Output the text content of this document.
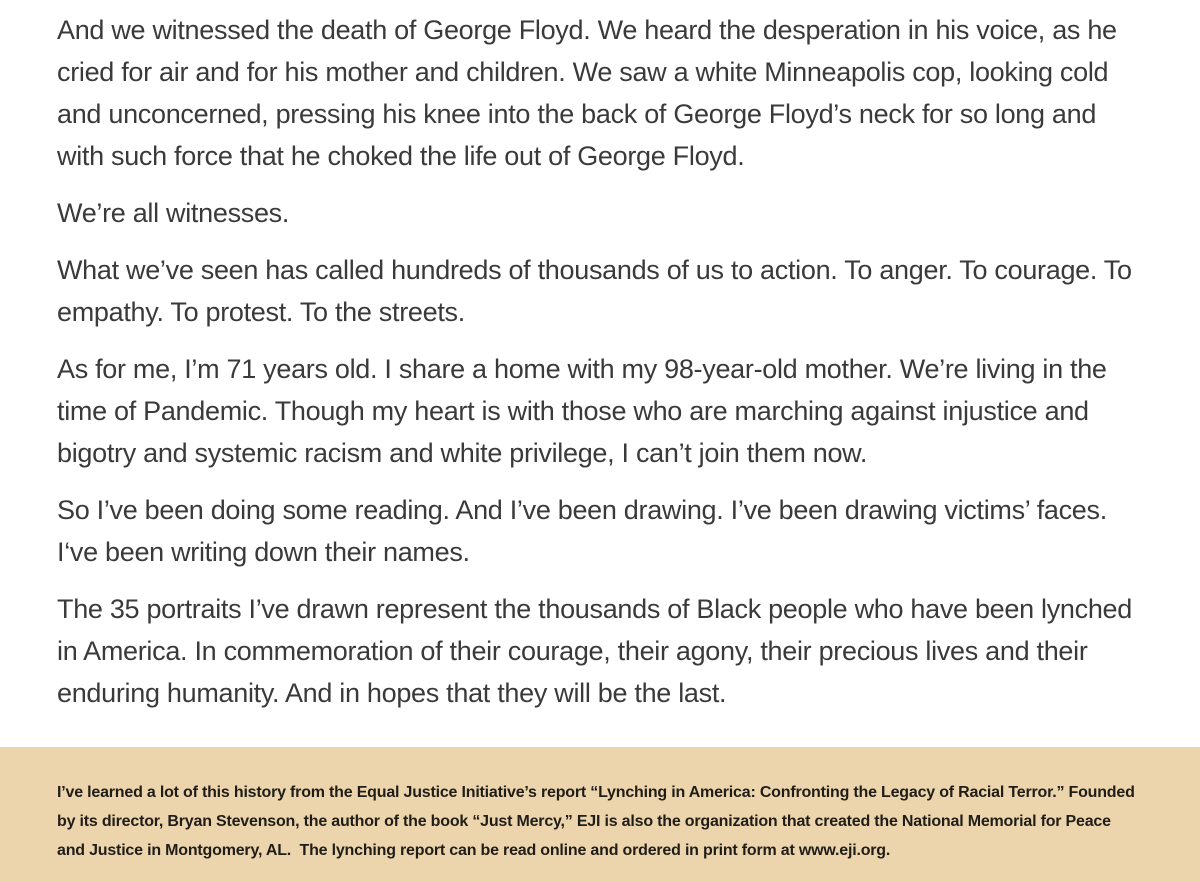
And we witnessed the death of George Floyd. We heard the desperation in his voice, as he cried for air and for his mother and children. We saw a white Minneapolis cop, looking cold and unconcerned, pressing his knee into the back of George Floyd’s neck for so long and with such force that he choked the life out of George Floyd.

We’re all witnesses.

What we’ve seen has called hundreds of thousands of us to action. To anger. To courage. To empathy. To protest. To the streets.

As for me, I’m 71 years old. I share a home with my 98-year-old mother. We’re living in the time of Pandemic. Though my heart is with those who are marching against injustice and bigotry and systemic racism and white privilege, I can’t join them now.

So I’ve been doing some reading. And I’ve been drawing. I’ve been drawing victims’ faces. I‘ve been writing down their names.

The 35 portraits I’ve drawn represent the thousands of Black people who have been lynched in America. In commemoration of their courage, their agony, their precious lives and their enduring humanity. And in hopes that they will be the last.

I’ve learned a lot of this history from the Equal Justice Initiative’s report “Lynching in America: Confronting the Legacy of Racial Terror.” Founded by its director, Bryan Stevenson, the author of the book “Just Mercy,” EJI is also the organization that created the National Memorial for Peace and Justice in Montgomery, AL.  The lynching report can be read online and ordered in print form at www.eji.org.
